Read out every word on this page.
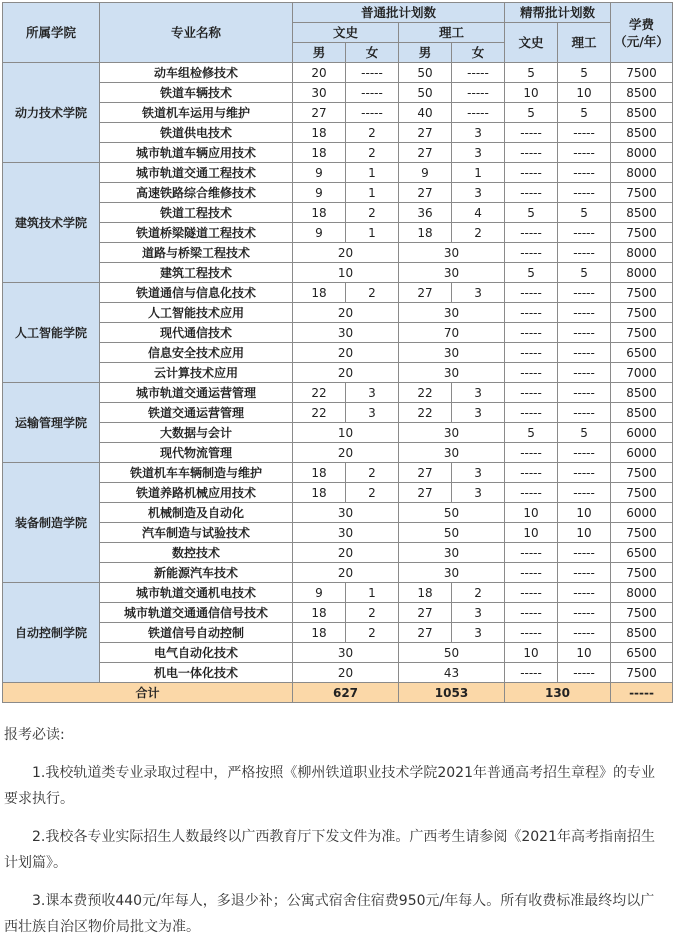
所属学院	专业名称	普通批计划数				精帮批计划数		学费
（元/年）
		文史		理工		文史	理工	
		男	女	男	女			
动力技术学院	动车组检修技术	20	-----	50	-----	5	5	7500
	铁道车辆技术	30	-----	50	-----	10	10	8500
	铁道机车运用与维护	27	-----	40	-----	5	5	8500
	铁道供电技术	18	2	27	3	-----	-----	8500
	城市轨道车辆应用技术	18	2	27	3	-----	-----	8000
建筑技术学院	城市轨道交通工程技术	9	1	9	1	-----	-----	8000
	高速铁路综合维修技术	9	1	27	3	-----	-----	7500
	铁道工程技术	18	2	36	4	5	5	8500
	铁道桥梁隧道工程技术	9	1	18	2	-----	-----	7500
	道路与桥梁工程技术	20		30		-----	-----	8000
	建筑工程技术	10		30		5	5	8000
人工智能学院	铁道通信与信息化技术	18	2	27	3	-----	-----	7500
	人工智能技术应用	20		30		-----	-----	7500
	现代通信技术	30		70		-----	-----	7500
	信息安全技术应用	20		30		-----	-----	6500
	云计算技术应用	20		30		-----	-----	7000
运输管理学院	城市轨道交通运营管理	22	3	22	3	-----	-----	8500
	铁道交通运营管理	22	3	22	3	-----	-----	8500
	大数据与会计	10		30		5	5	6000
	现代物流管理	20		30		-----	-----	6000
装备制造学院	铁道机车车辆制造与维护	18	2	27	3	-----	-----	7500
	铁道养路机械应用技术	18	2	27	3	-----	-----	7500
	机械制造及自动化	30		50		10	10	6000
	汽车制造与试验技术	30		50		10	10	7500
	数控技术	20		30		-----	-----	6500
	新能源汽车技术	20		30		-----	-----	7500
自动控制学院	城市轨道交通机电技术	9	1	18	2	-----	-----	8000
	城市轨道交通通信信号技术	18	2	27	3	-----	-----	7500
	铁道信号自动控制	18	2	27	3	-----	-----	8500
	电气自动化技术	30		50		10	10	6500
	机电一体化技术	20		43		-----	-----	7500
合计		627		1053		130		-----

报考必读:

1.我校轨道类专业录取过程中，严格按照《柳州铁道职业技术学院2021年普通高考招生章程》的专业要求执行。

2.我校各专业实际招生人数最终以广西教育厅下发文件为准。广西考生请参阅《2021年高考指南招生计划篇》。

3.课本费预收440元/年每人，多退少补；公寓式宿舍住宿费950元/年每人。所有收费标准最终均以广西壮族自治区物价局批文为准。
